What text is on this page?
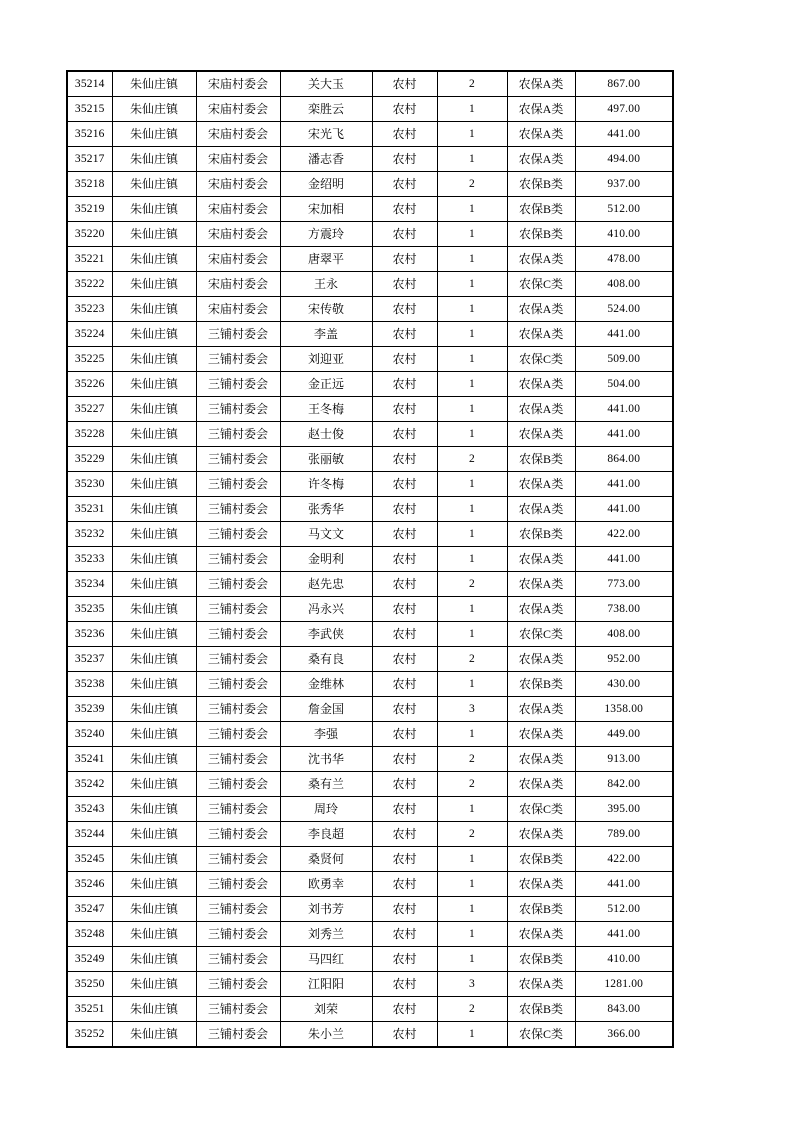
35214	朱仙庄镇	宋庙村委会	关大玉	农村	2	农保A类	867.00
35215	朱仙庄镇	宋庙村委会	栾胜云	农村	1	农保A类	497.00
35216	朱仙庄镇	宋庙村委会	宋光飞	农村	1	农保A类	441.00
35217	朱仙庄镇	宋庙村委会	潘志香	农村	1	农保A类	494.00
35218	朱仙庄镇	宋庙村委会	金绍明	农村	2	农保B类	937.00
35219	朱仙庄镇	宋庙村委会	宋加相	农村	1	农保B类	512.00
35220	朱仙庄镇	宋庙村委会	方震玲	农村	1	农保B类	410.00
35221	朱仙庄镇	宋庙村委会	唐翠平	农村	1	农保A类	478.00
35222	朱仙庄镇	宋庙村委会	王永	农村	1	农保C类	408.00
35223	朱仙庄镇	宋庙村委会	宋传敬	农村	1	农保A类	524.00
35224	朱仙庄镇	三铺村委会	李盖	农村	1	农保A类	441.00
35225	朱仙庄镇	三铺村委会	刘迎亚	农村	1	农保C类	509.00
35226	朱仙庄镇	三铺村委会	金正远	农村	1	农保A类	504.00
35227	朱仙庄镇	三铺村委会	王冬梅	农村	1	农保A类	441.00
35228	朱仙庄镇	三铺村委会	赵士俊	农村	1	农保A类	441.00
35229	朱仙庄镇	三铺村委会	张丽敏	农村	2	农保B类	864.00
35230	朱仙庄镇	三铺村委会	许冬梅	农村	1	农保A类	441.00
35231	朱仙庄镇	三铺村委会	张秀华	农村	1	农保A类	441.00
35232	朱仙庄镇	三铺村委会	马文文	农村	1	农保B类	422.00
35233	朱仙庄镇	三铺村委会	金明利	农村	1	农保A类	441.00
35234	朱仙庄镇	三铺村委会	赵先忠	农村	2	农保A类	773.00
35235	朱仙庄镇	三铺村委会	冯永兴	农村	1	农保A类	738.00
35236	朱仙庄镇	三铺村委会	李武侠	农村	1	农保C类	408.00
35237	朱仙庄镇	三铺村委会	桑有良	农村	2	农保A类	952.00
35238	朱仙庄镇	三铺村委会	金维林	农村	1	农保B类	430.00
35239	朱仙庄镇	三铺村委会	詹金国	农村	3	农保A类	1358.00
35240	朱仙庄镇	三铺村委会	李强	农村	1	农保A类	449.00
35241	朱仙庄镇	三铺村委会	沈书华	农村	2	农保A类	913.00
35242	朱仙庄镇	三铺村委会	桑有兰	农村	2	农保A类	842.00
35243	朱仙庄镇	三铺村委会	周玲	农村	1	农保C类	395.00
35244	朱仙庄镇	三铺村委会	李良超	农村	2	农保A类	789.00
35245	朱仙庄镇	三铺村委会	桑贤何	农村	1	农保B类	422.00
35246	朱仙庄镇	三铺村委会	欧勇幸	农村	1	农保A类	441.00
35247	朱仙庄镇	三铺村委会	刘书芳	农村	1	农保B类	512.00
35248	朱仙庄镇	三铺村委会	刘秀兰	农村	1	农保A类	441.00
35249	朱仙庄镇	三铺村委会	马四红	农村	1	农保B类	410.00
35250	朱仙庄镇	三铺村委会	江阳阳	农村	3	农保A类	1281.00
35251	朱仙庄镇	三铺村委会	刘荣	农村	2	农保B类	843.00
35252	朱仙庄镇	三铺村委会	朱小兰	农村	1	农保C类	366.00
